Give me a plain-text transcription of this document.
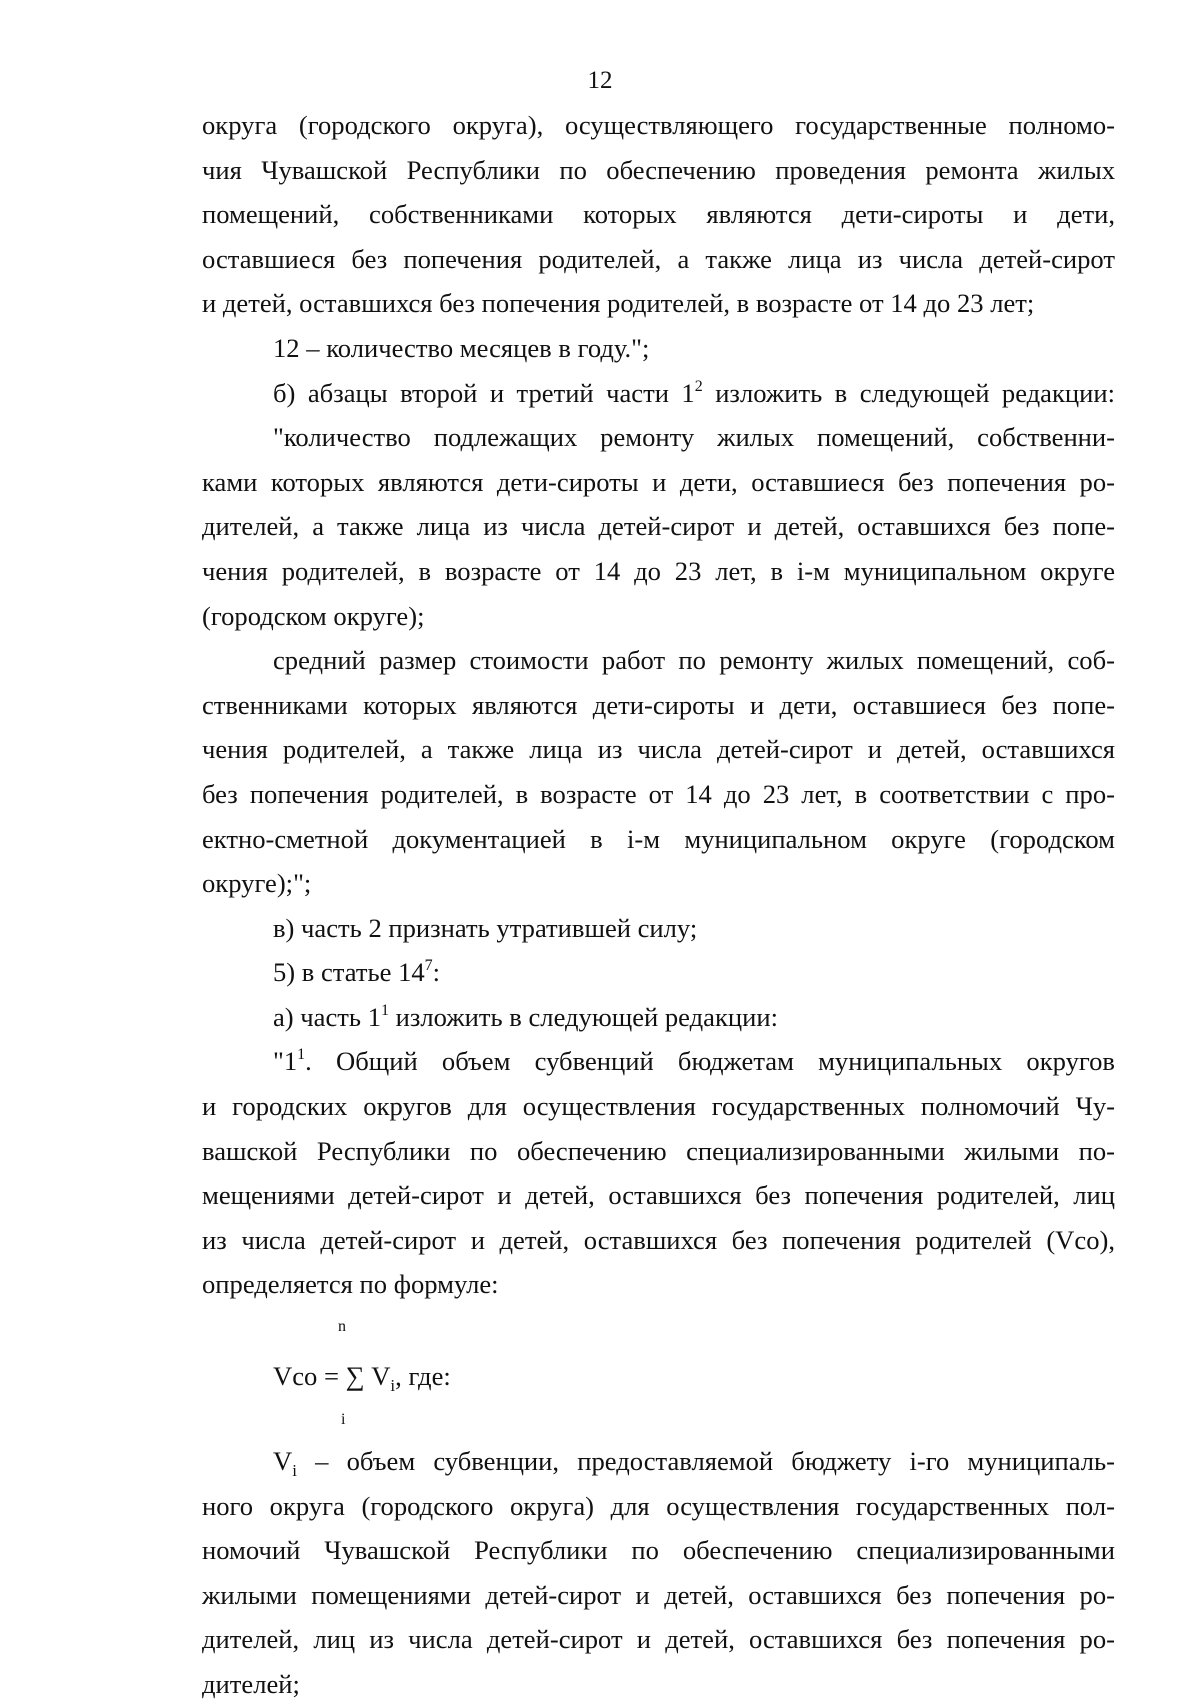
12
округа (городского округа), осуществляющего государственные полномо-
чия Чувашской Республики по обеспечению проведения ремонта жилых
помещений, собственниками которых являются дети-сироты и дети,
оставшиеся без попечения родителей, а также лица из числа детей-сирот
и детей, оставшихся без попечения родителей, в возрасте от 14 до 23 лет;
12 – количество месяцев в году.";
б) абзацы второй и третий части $1^2$ изложить в следующей редакции:
"количество подлежащих ремонту жилых помещений, собственни-
ками которых являются дети-сироты и дети, оставшиеся без попечения ро-
дителей, а также лица из числа детей-сирот и детей, оставшихся без попе-
чения родителей, в возрасте от 14 до 23 лет, в i-м муниципальном округе
(городском округе);
средний размер стоимости работ по ремонту жилых помещений, соб-
ственниками которых являются дети-сироты и дети, оставшиеся без попе-
чения родителей, а также лица из числа детей-сирот и детей, оставшихся
без попечения родителей, в возрасте от 14 до 23 лет, в соответствии с про-
ектно-сметной документацией в i-м муниципальном округе (городском
округе);";
в) часть 2 признать утратившей силу;
5) в статье $14^7$:
а) часть $1^1$ изложить в следующей редакции:
"$1^1$. Общий объем субвенций бюджетам муниципальных округов
и городских округов для осуществления государственных полномочий Чу-
вашской Республики по обеспечению специализированными жилыми по-
мещениями детей-сирот и детей, оставшихся без попечения родителей, лиц
из числа детей-сирот и детей, оставшихся без попечения родителей (Vсо),
определяется по формуле:
n
Vсо = ∑ $V_i$, где:
i
$V_i$ – объем субвенции, предоставляемой бюджету i-го муниципаль-
ного округа (городского округа) для осуществления государственных пол-
номочий Чувашской Республики по обеспечению специализированными
жилыми помещениями детей-сирот и детей, оставшихся без попечения ро-
дителей, лиц из числа детей-сирот и детей, оставшихся без попечения ро-
дителей;
